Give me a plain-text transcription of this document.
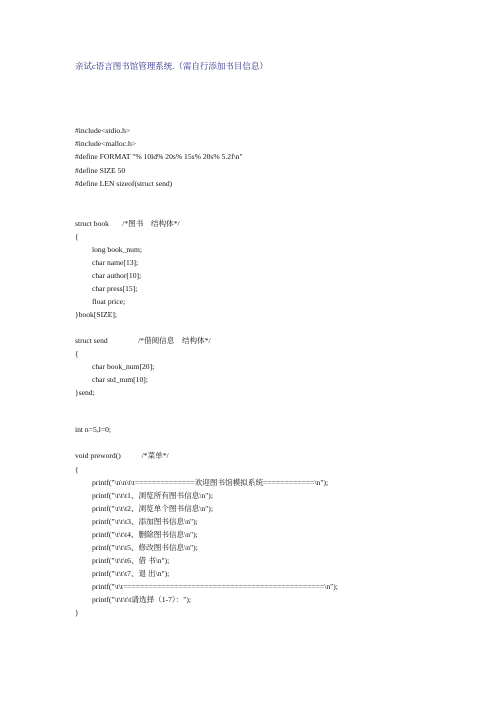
亲试c语言图书馆管理系统.（需自行添加书目信息）
#include<stdio.h>
#include<malloc.h>
#define FORMAT "% 10ld% 20s% 15s% 20s% 5.2f\n"
#define SIZE 50
#define LEN sizeof(struct send)
struct book       /*图书    结构体*/
{
long book_num;
char name[13];
char author[10];
char press[15];
float price;
}book[SIZE];
struct send                /*借阅信息    结构体*/
{
char book_num[20];
char std_num[10];
}send;
int n=5,l=0;
void preword()           /*菜单*/
{
printf("\n\n\t\t==============欢迎图书馆模拟系统============\n");
printf("\t\t\t1、浏览所有图书信息\n");
printf("\t\t\t2、浏览单个图书信息\n");
printf("\t\t\t3、添加图书信息\n");
printf("\t\t\t4、删除图书信息\n");
printf("\t\t\t5、修改图书信息\n");
printf("\t\t\t6、借 书\n");
printf("\t\t\t7、退 出\n");
printf("\t\t===============================================\n");
printf("\t\t\t\t请选择（1-7）：");
}
